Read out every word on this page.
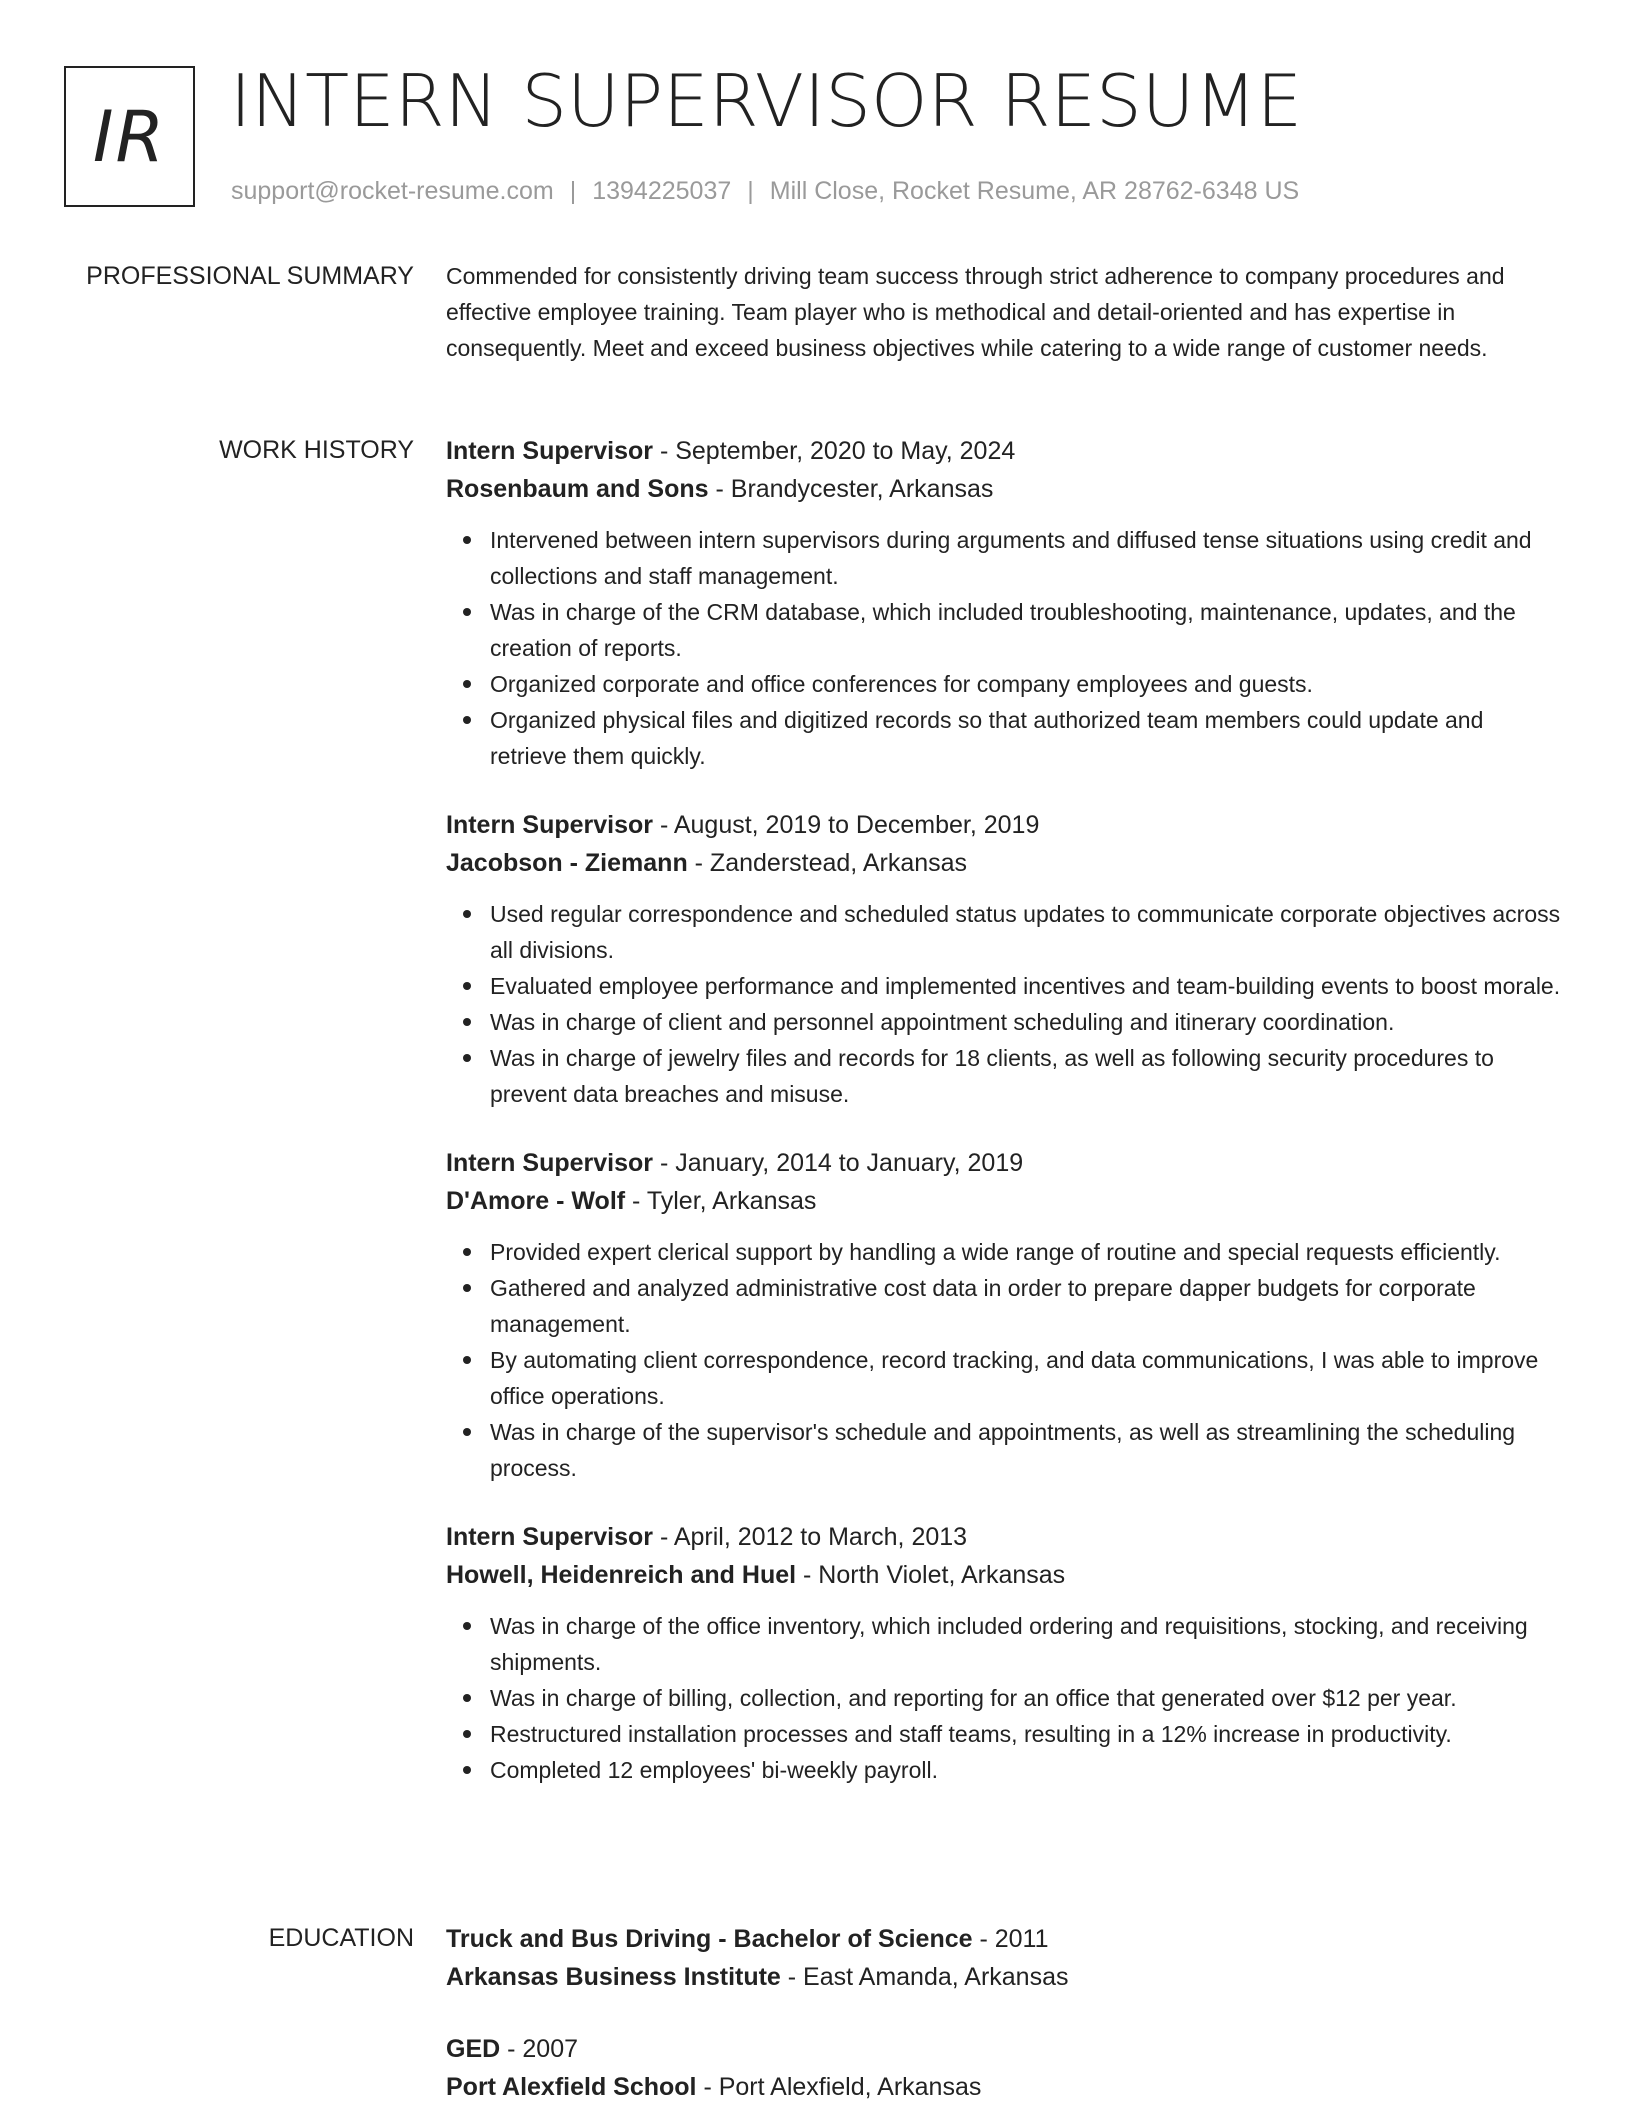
IR INTERN SUPERVISOR RESUME
support@rocket-resume.com | 1394225037 | Mill Close, Rocket Resume, AR 28762-6348 US
PROFESSIONAL SUMMARY Commended for consistently driving team success through strict adherence to company procedures and effective employee training. Team player who is methodical and detail-oriented and has expertise in consequently. Meet and exceed business objectives while catering to a wide range of customer needs.

WORK HISTORY Intern Supervisor - September, 2020 to May, 2024
Rosenbaum and Sons - Brandycester, Arkansas
Intervened between intern supervisors during arguments and diffused tense situations using credit and collections and staff management.
Was in charge of the CRM database, which included troubleshooting, maintenance, updates, and the creation of reports.
Organized corporate and office conferences for company employees and guests.
Organized physical files and digitized records so that authorized team members could update and retrieve them quickly.
Intern Supervisor - August, 2019 to December, 2019
Jacobson - Ziemann - Zanderstead, Arkansas
Used regular correspondence and scheduled status updates to communicate corporate objectives across all divisions.
Evaluated employee performance and implemented incentives and team-building events to boost morale.
Was in charge of client and personnel appointment scheduling and itinerary coordination.
Was in charge of jewelry files and records for 18 clients, as well as following security procedures to prevent data breaches and misuse.
Intern Supervisor - January, 2014 to January, 2019
D'Amore - Wolf - Tyler, Arkansas
Provided expert clerical support by handling a wide range of routine and special requests efficiently.
Gathered and analyzed administrative cost data in order to prepare dapper budgets for corporate management.
By automating client correspondence, record tracking, and data communications, I was able to improve office operations.
Was in charge of the supervisor's schedule and appointments, as well as streamlining the scheduling process.
Intern Supervisor - April, 2012 to March, 2013
Howell, Heidenreich and Huel - North Violet, Arkansas
Was in charge of the office inventory, which included ordering and requisitions, stocking, and receiving shipments.
Was in charge of billing, collection, and reporting for an office that generated over $12 per year.
Restructured installation processes and staff teams, resulting in a 12% increase in productivity.
Completed 12 employees' bi-weekly payroll.
EDUCATION Truck and Bus Driving - Bachelor of Science - 2011
Arkansas Business Institute - East Amanda, Arkansas
GED - 2007
Port Alexfield School - Port Alexfield, Arkansas
